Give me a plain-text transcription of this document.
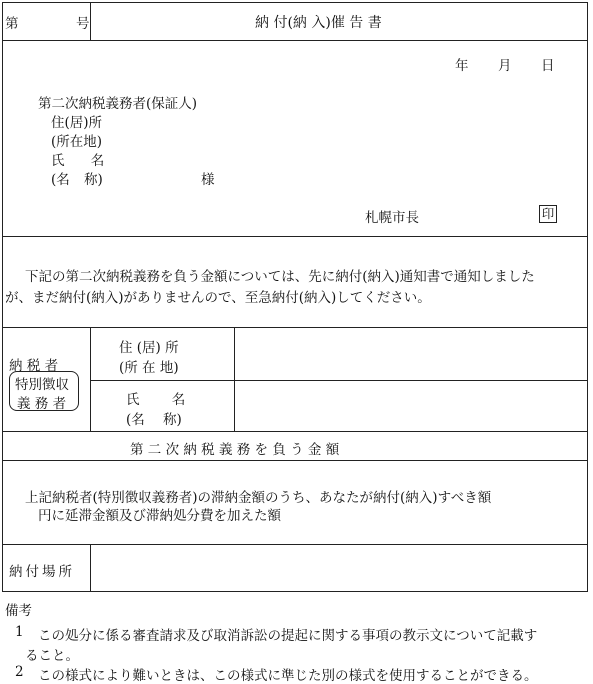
第	号	納 付(納 入)催 告 書
年 月 日
第二次納税義務者(保証人)
住(居)所
(所在地)
氏 名
(名 称)	様
札幌市長	印
下記の第二次納税義務を負う金額については、先に納付(納入)通知書で通知しました
が、まだ納付(納入)がありませんので、至急納付(納入)してください。
納 税 者
特別徴収
義 務 者
住 (居) 所
(所 在 地)
氏 名
(名 称)
第 二 次 納 税 義 務 を 負 う 金 額
上記納税者(特別徴収義務者)の滞納金額のうち、あなたが納付(納入)すべき額
円に延滞金額及び滞納処分費を加えた額
納付場所
備考
1 この処分に係る審査請求及び取消訴訟の提起に関する事項の教示文について記載す
ること。
2 この様式により難いときは、この様式に準じた別の様式を使用することができる。
